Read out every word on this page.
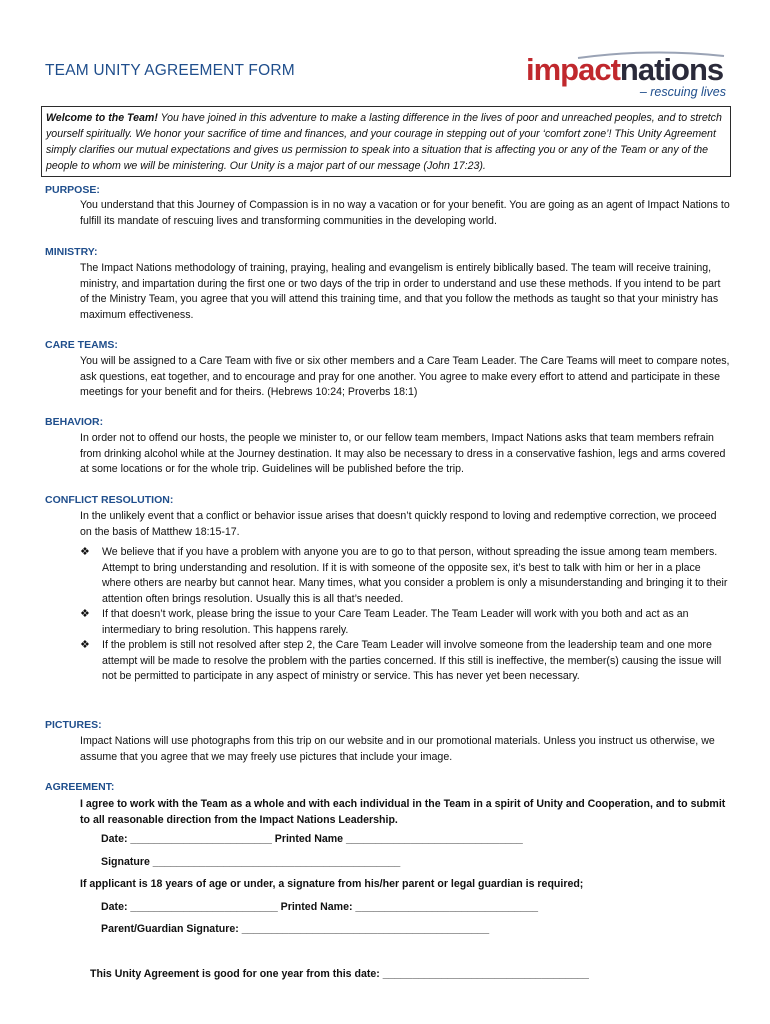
TEAM UNITY AGREEMENT FORM	impactnations
– rescuing lives
Welcome to the Team! You have joined in this adventure to make a lasting difference in the lives of poor and unreached peoples, and to stretch yourself spiritually. We honor your sacrifice of time and finances, and your courage in stepping out of your ‘comfort zone’! This Unity Agreement simply clarifies our mutual expectations and gives us permission to speak into a situation that is affecting you or any of the Team or any of the people to whom we will be ministering. Our Unity is a major part of our message (John 17:23).
PURPOSE:
You understand that this Journey of Compassion is in no way a vacation or for your benefit. You are going as an agent of Impact Nations to fulfill its mandate of rescuing lives and transforming communities in the developing world.
MINISTRY:
The Impact Nations methodology of training, praying, healing and evangelism is entirely biblically based. The team will receive training, ministry, and impartation during the first one or two days of the trip in order to understand and use these methods. If you intend to be part of the Ministry Team, you agree that you will attend this training time, and that you follow the methods as taught so that your ministry has maximum effectiveness.
CARE TEAMS:
You will be assigned to a Care Team with five or six other members and a Care Team Leader. The Care Teams will meet to compare notes, ask questions, eat together, and to encourage and pray for one another. You agree to make every effort to attend and participate in these meetings for your benefit and for theirs. (Hebrews 10:24; Proverbs 18:1)
BEHAVIOR:
In order not to offend our hosts, the people we minister to, or our fellow team members, Impact Nations asks that team members refrain from drinking alcohol while at the Journey destination. It may also be necessary to dress in a conservative fashion, legs and arms covered at some locations or for the whole trip. Guidelines will be published before the trip.
CONFLICT RESOLUTION:
In the unlikely event that a conflict or behavior issue arises that doesn’t quickly respond to loving and redemptive correction, we proceed on the basis of Matthew 18:15-17.
❖ We believe that if you have a problem with anyone you are to go to that person, without spreading the issue among team members. Attempt to bring understanding and resolution. If it is with someone of the opposite sex, it’s best to talk with him or her in a place where others are nearby but cannot hear. Many times, what you consider a problem is only a misunderstanding and bringing it to their attention often brings resolution. Usually this is all that’s needed.
❖ If that doesn’t work, please bring the issue to your Care Team Leader. The Team Leader will work with you both and act as an intermediary to bring resolution. This happens rarely.
❖ If the problem is still not resolved after step 2, the Care Team Leader will involve someone from the leadership team and one more attempt will be made to resolve the problem with the parties concerned. If this still is ineffective, the member(s) causing the issue will not be permitted to participate in any aspect of ministry or service. This has never yet been necessary.
PICTURES:
Impact Nations will use photographs from this trip on our website and in our promotional materials. Unless you instruct us otherwise, we assume that you agree that we may freely use pictures that include your image.
AGREEMENT:
I agree to work with the Team as a whole and with each individual in the Team in a spirit of Unity and Cooperation, and to submit to all reasonable direction from the Impact Nations Leadership.
Date: ________________________ Printed Name ______________________________
Signature __________________________________________
If applicant is 18 years of age or under, a signature from his/her parent or legal guardian is required;
Date: _________________________ Printed Name: _______________________________
Parent/Guardian Signature: __________________________________________
This Unity Agreement is good for one year from this date: ___________________________________
